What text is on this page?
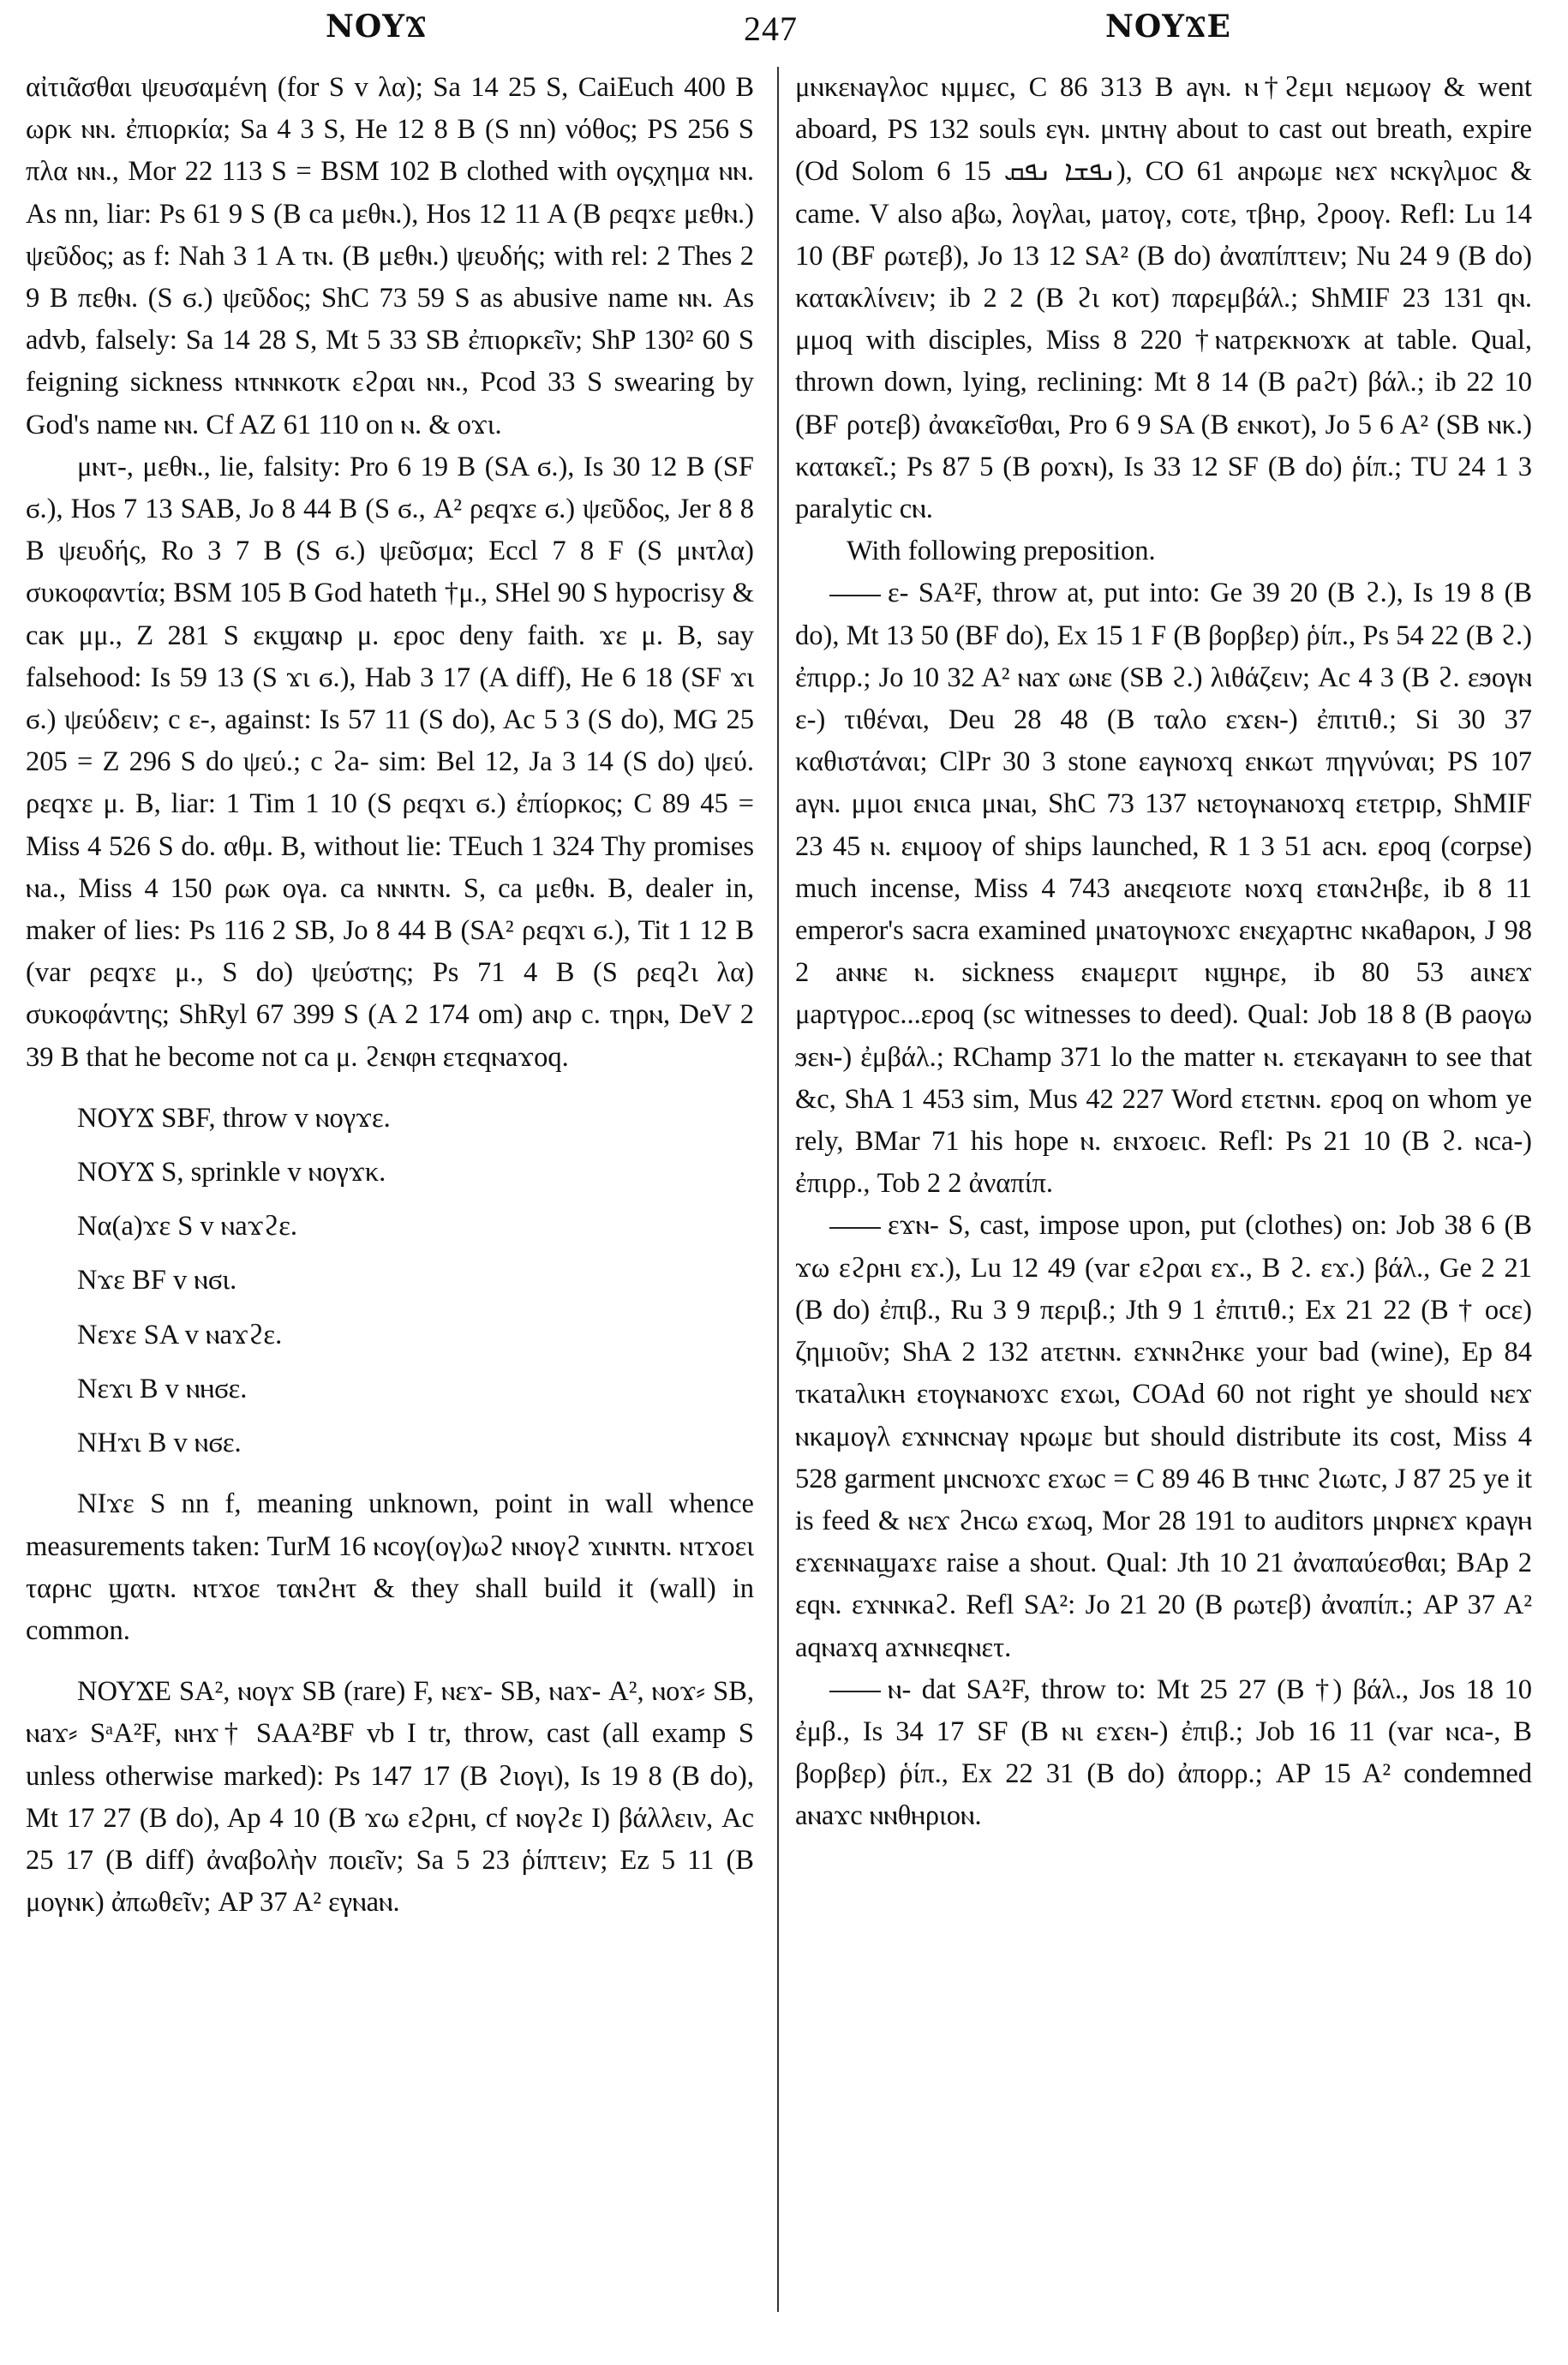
ΝΟΥϪ	247	ΝΟΥϪΕ

αἰτιᾶσθαι ψευσαμένη (for S v λα); Sa 14 25 S, CaiEuch 400 B ωρκ ⲛⲛ. ἐπιορκία; Sa 4 3 S, He 12 8 B (S nn) νόθος; PS 256 S πλα ⲛⲛ., Mor 22 113 S = BSM 102 B clothed with ογςχημα ⲛⲛ. As nn, liar: Ps 61 9 S (B ca μεθⲛ.), Hos 12 11 A (B ρεqϫε μεθⲛ.) ψεῦδος; as f: Nah 3 1 A τⲛ. (B μεθⲛ.) ψευδής; with rel: 2 Thes 2 9 B πεθⲛ. (S ϭ.) ψεῦδος; ShC 73 59 S as abusive name ⲛⲛ. As advb, falsely: Sa 14 28 S, Mt 5 33 SB ἐπιορκεῖν; ShP 130² 60 S feigning sickness ⲛτⲛⲛκοτκ εϩραι ⲛⲛ., Pcod 33 S swearing by God's name ⲛⲛ. Cf AZ 61 110 on ⲛ. & οϫι.

μⲛτ-, μεθⲛ., lie, falsity: Pro 6 19 B (SA ϭ.), Is 30 12 B (SF ϭ.), Hos 7 13 SAB, Jo 8 44 B (S ϭ., A² ρεqϫε ϭ.) ψεῦδος, Jer 8 8 B ψευδής, Ro 3 7 B (S ϭ.) ψεῦσμα; Eccl 7 8 F (S μⲛτλα) συκοφαντία; BSM 105 B God hateth †μ., SHel 90 S hypocrisy & caκ μμ., Z 281 S εκϣαⲛρ μ. εροc deny faith. ϫε μ. B, say falsehood: Is 59 13 (S ϫι ϭ.), Hab 3 17 (A diff), He 6 18 (SF ϫι ϭ.) ψεύδειν; c ε-, against: Is 57 11 (S do), Ac 5 3 (S do), MG 25 205 = Z 296 S do ψεύ.; c ϩa- sim: Bel 12, Ja 3 14 (S do) ψεύ. ρεqϫε μ. B, liar: 1 Tim 1 10 (S ρεqϫι ϭ.) ἐπίορκος; C 89 45 = Miss 4 526 S do. αθμ. B, without lie: TEuch 1 324 Thy promises ⲛa., Miss 4 150 ρωκ ογa. ca ⲛⲛⲛτⲛ. S, ca μεθⲛ. B, dealer in, maker of lies: Ps 116 2 SB, Jo 8 44 B (SA² ρεqϫι ϭ.), Tit 1 12 B (var ρεqϫε μ., S do) ψεύστης; Ps 71 4 B (S ρεqϩι λα) συκοφάντης; ShRyl 67 399 S (A 2 174 om) aⲛρ c. τηρⲛ, DeV 2 39 B that he become not ca μ. ϩεⲛφⲏ ετεqⲛaϫοq.

ΝΟΥϪ SBF, throw v ⲛογϫε.

ΝΟΥϪ S, sprinkle v ⲛογϫκ.

Να(a)ϫε S v ⲛaϫϩε.

Νϫε BF v ⲛϭι.

Νεϫε SA v ⲛaϫϩε.

Νεϫι B v ⲛⲏϭε.

ΝΗϫι B v ⲛϭε.

ΝΙϫε S nn f, meaning unknown, point in wall whence measurements taken: TurM 16 ⲛcογ(ογ)ωϩ ⲛⲛογϩ ϫιⲛⲛτⲛ. ⲛτϫοει ταρⲏc ϣατⲛ. ⲛτϫοε ταⲛϩⲏτ & they shall build it (wall) in common.

ΝΟΥϪΕ SA², ⲛογϫ SB (rare) F, ⲛεϫ- SB, ⲛaϫ- A², ⲛοϫ⸗ SB, ⲛaϫ⸗ SᵃA²F, ⲛⲏϫ† SAA²BF vb I tr, throw, cast (all examp S unless otherwise marked): Ps 147 17 (B ϩιογι), Is 19 8 (B do), Mt 17 27 (B do), Ap 4 10 (B ϫω εϩρⲏι, cf ⲛογϩε I) βάλλειν, Ac 25 17 (B diff) ἀναβολὴν ποιεῖν; Sa 5 23 ῥίπτειν; Ez 5 11 (B μογⲛκ) ἀπωθεῖν; AP 37 A² εγⲛaⲛ.

μⲛκεⲛaγλοc ⲛμμεc, C 86 313 B aγⲛ. ⲛ†ϩεμι ⲛεμωογ & went aboard, PS 132 souls εγⲛ. μⲛτⲏγ about to cast out breath, expire (Od Solom 6 15 ܢܦܫܐ ܢܦܩ), CO 61 aⲛρωμε ⲛεϫ ⲛcκγλμοc & came. V also aβω, λογλaι, μaτογ, cοτε, τβⲏρ, ϩροογ. Refl: Lu 14 10 (BF ρωτεβ), Jo 13 12 SA² (B do) ἀναπίπτειν; Nu 24 9 (B do) κατακλίνειν; ib 2 2 (B ϩι κοτ) παρεμβάλ.; ShMIF 23 131 qⲛ. μμοq with disciples, Miss 8 220 †ⲛaτρεκⲛοϫκ at table. Qual, thrown down, lying, reclining: Mt 8 14 (B ρaϩτ) βάλ.; ib 22 10 (BF ροτεβ) ἀνακεῖσθαι, Pro 6 9 SA (B εⲛκοτ), Jo 5 6 A² (SB ⲛκ.) κατακεῖ.; Ps 87 5 (B ροϫⲛ), Is 33 12 SF (B do) ῥίπ.; TU 24 1 3 paralytic cⲛ.

With following preposition.

ε- SA²F, throw at, put into: Ge 39 20 (B ϩ.), Is 19 8 (B do), Mt 13 50 (BF do), Ex 15 1 F (B βορβερ) ῥίπ., Ps 54 22 (B ϩ.) ἐπιρρ.; Jo 10 32 A² ⲛaϫ ωⲛε (SB ϩ.) λιθάζειν; Ac 4 3 (B ϩ. εϧογⲛ ε-) τιθέναι, Deu 28 48 (B ταλο εϫεⲛ-) ἐπιτιθ.; Si 30 37 καθιστάναι; ClPr 30 3 stone εaγⲛοϫq εⲛκωτ πηγνύναι; PS 107 aγⲛ. μμοι εⲛιca μⲛaι, ShC 73 137 ⲛετογⲛaⲛοϫq ετετρⲓρ, ShMIF 23 45 ⲛ. εⲛμοογ of ships launched, R 1 3 51 acⲛ. εροq (corpse) much incense, Miss 4 743 aⲛεqειοτε ⲛοϫq εταⲛϩⲏβε, ib 8 11 emperor's sacra examined μⲛaτογⲛοϫc εⲛεχaρτⲏc ⲛκaθaροⲛ, J 98 2 aⲛⲛε ⲛ. sickness εⲛaμεριτ ⲛϣⲏρε, ib 80 53 aιⲛεϫ μaρτγροc...εροq (sc witnesses to deed). Qual: Job 18 8 (B ρaογω ϧεⲛ-) ἐμβάλ.; RChamp 371 lo the matter ⲛ. ετεκaγaⲛⲏ to see that &c, ShA 1 453 sim, Mus 42 227 Word ετετⲛⲛ. εροq on whom ye rely, BMar 71 his hope ⲛ. εⲛϫοειc. Refl: Ps 21 10 (B ϩ. ⲛca-) ἐπιρρ., Tob 2 2 ἀναπίπ.

εϫⲛ- S, cast, impose upon, put (clothes) on: Job 38 6 (B ϫω εϩρⲏι εϫ.), Lu 12 49 (var εϩραι εϫ., B ϩ. εϫ.) βάλ., Ge 2 21 (B do) ἐπιβ., Ru 3 9 περιβ.; Jth 9 1 ἐπιτιθ.; Ex 21 22 (B † οcε) ζημιοῦν; ShA 2 132 aτετⲛⲛ. εϫⲛⲛϩⲏκε your bad (wine), Ep 84 τκaτaλικⲏ ετογⲛaⲛοϫc εϫωι, COAd 60 not right ye should ⲛεϫ ⲛκaμογλ εϫⲛⲛcⲛaγ ⲛρωμε but should distribute its cost, Miss 4 528 garment μⲛcⲛοϫc εϫωc = C 89 46 B τⲏⲛc ϩιωτc, J 87 25 ye it is feed & ⲛεϫ ϩⲏcω εϫωq, Mor 28 191 to auditors μⲛρⲛεϫ κρaγⲏ εϫεⲛⲛaϣaϫε raise a shout. Qual: Jth 10 21 ἀναπαύεσθαι; BAp 2 εqⲛ. εϫⲛⲛκaϩ. Refl SA²: Jo 21 20 (B ρωτεβ) ἀναπίπ.; AP 37 A² aqⲛaϫq aϫⲛⲛεqⲛετ.

ⲛ- dat SA²F, throw to: Mt 25 27 (B †) βάλ., Jos 18 10 ἐμβ., Is 34 17 SF (B ⲛι εϫεⲛ-) ἐπιβ.; Job 16 11 (var ⲛca-, B βορβερ) ῥίπ., Ex 22 31 (B do) ἀπορρ.; AP 15 A² condemned aⲛaϫc ⲛⲛθⲏριοⲛ.
